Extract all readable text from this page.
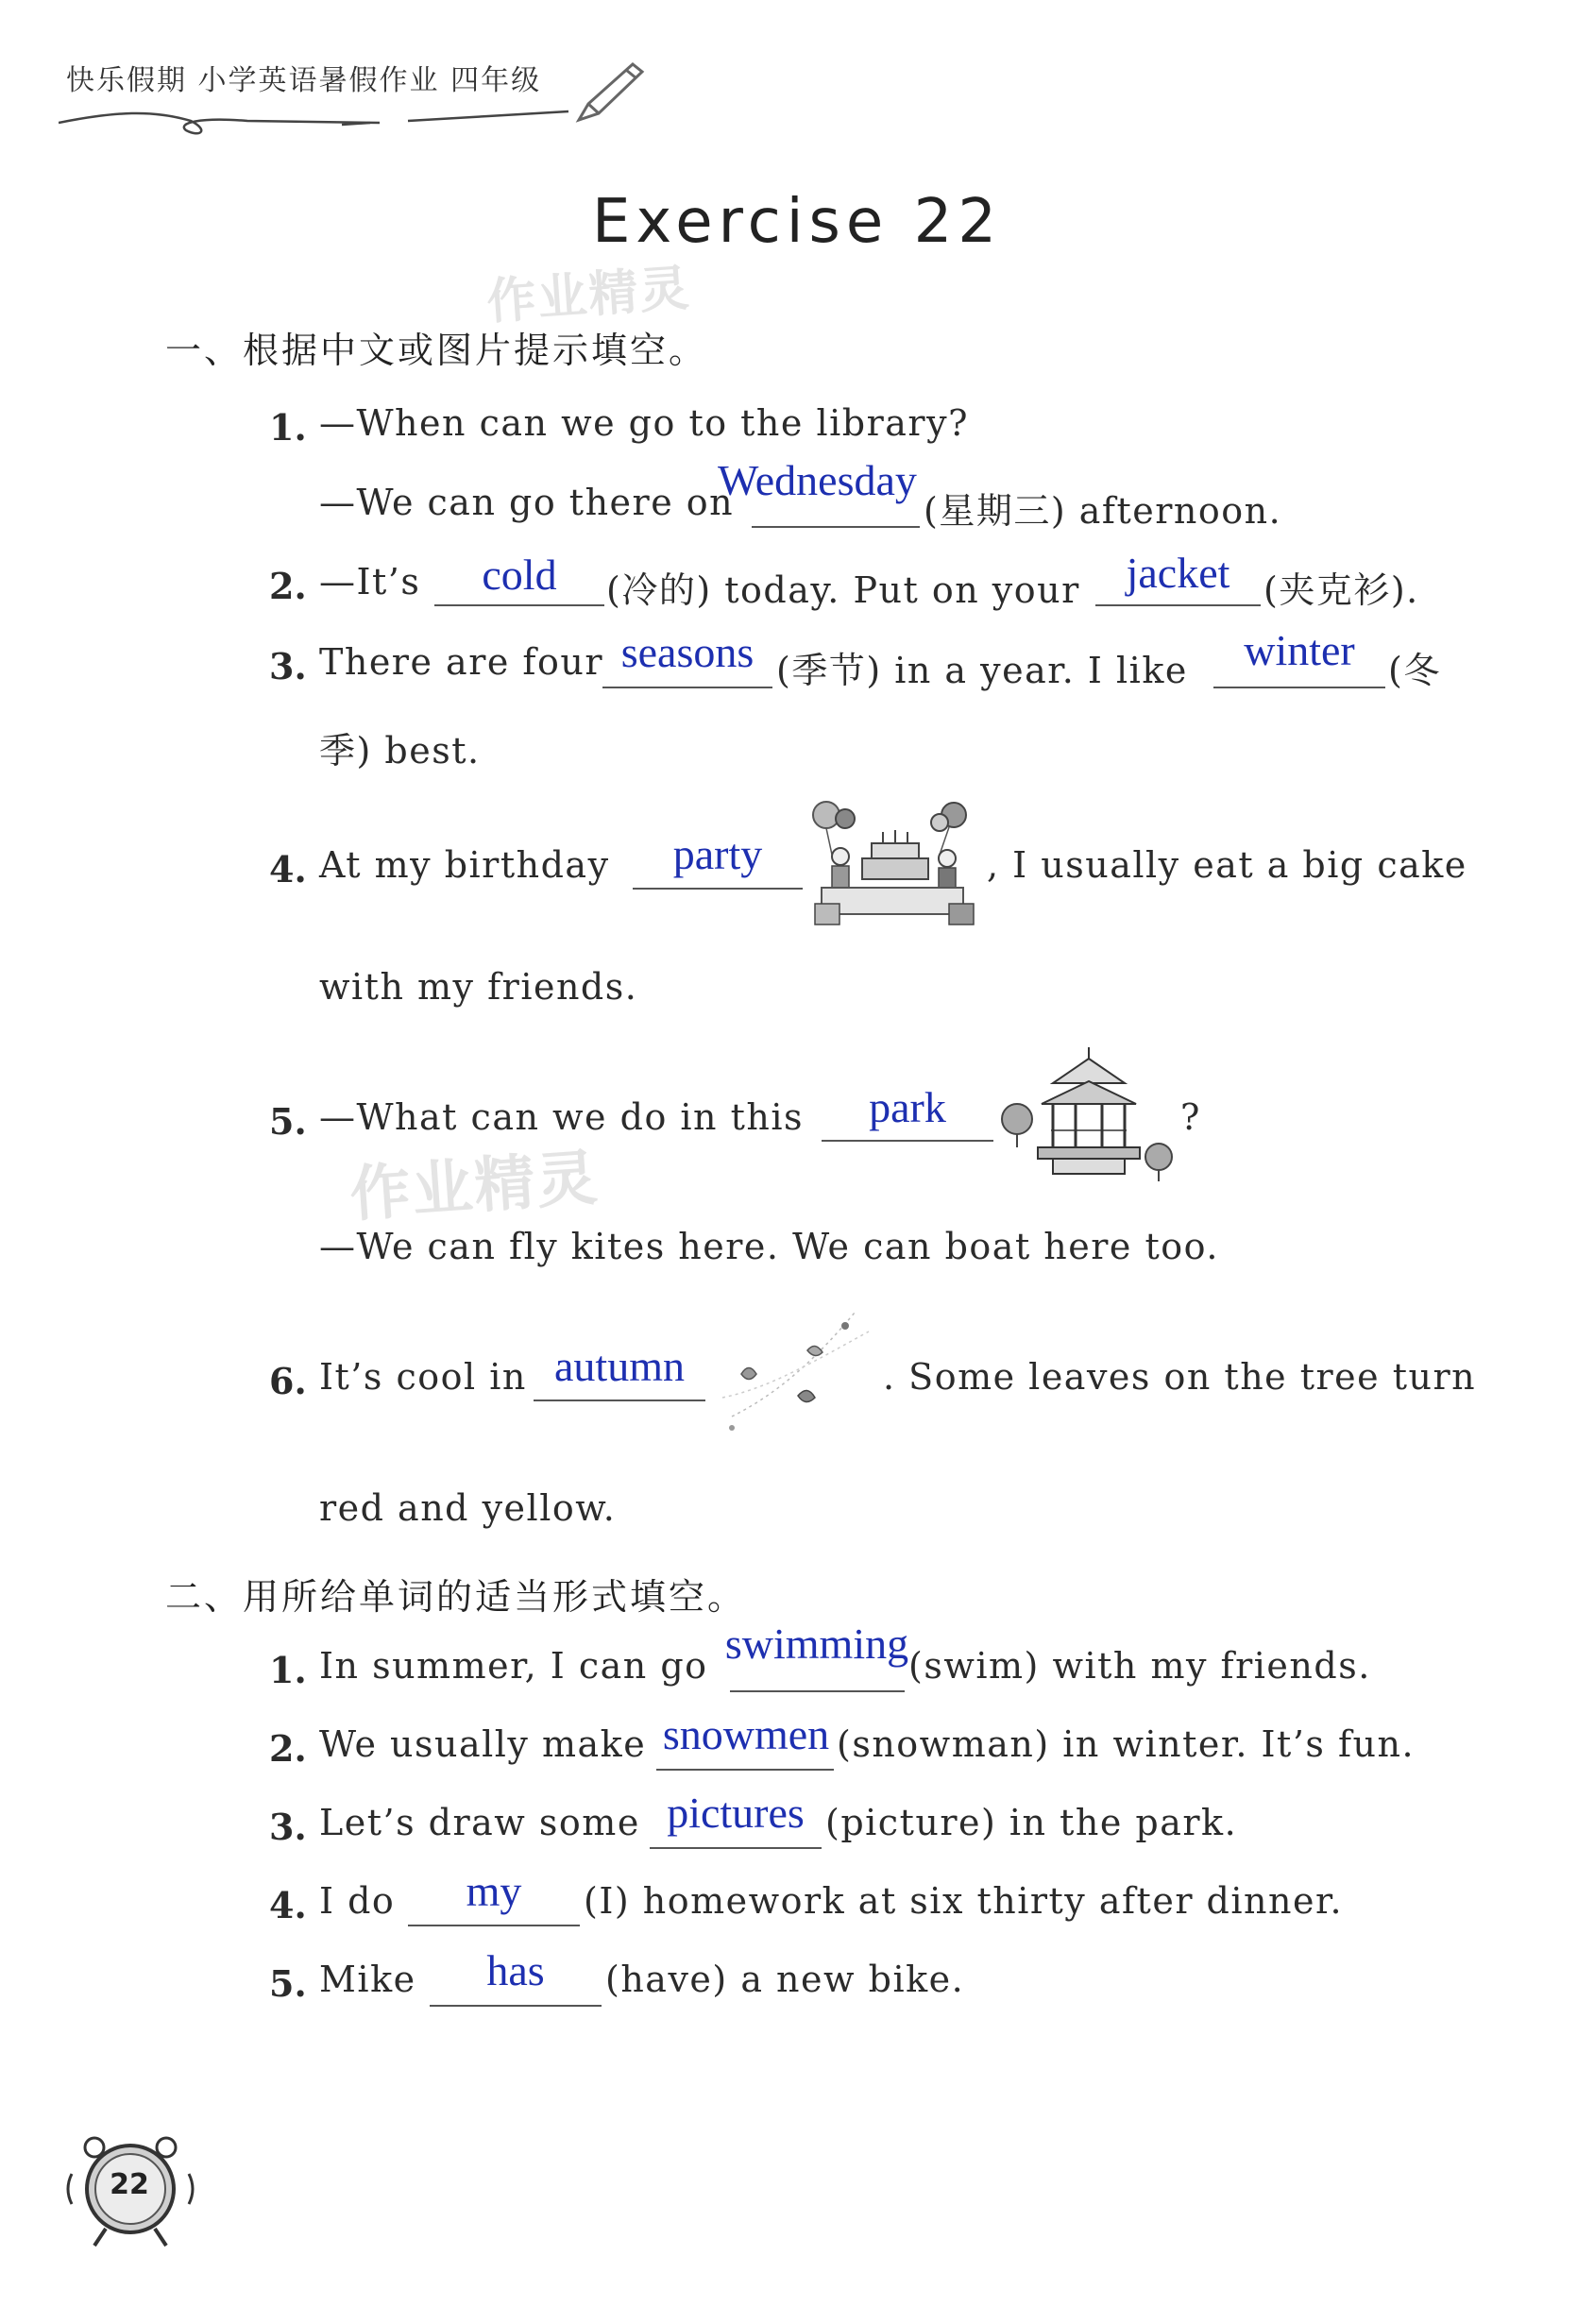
快乐假期 小学英语暑假作业 四年级
Exercise 22
作业精灵
作业精灵
一、根据中文或图片提示填空。
1. —When can we go to the library?
—We can go there on
Wednesday
(星期三) afternoon.
2. —It’s	cold	(冷的) today. Put on your	jacket (夹克衫).
3. There are four seasons (季节) in a year. I like	winter (冬
季) best.
4. At my birthday	party	, I usually eat a big cake
with my friends.
5. —What can we do in this	park	?
—We can fly kites here. We can boat here too.
6. It’s cool in autumn	. Some leaves on the tree turn
red and yellow.
二、用所给单词的适当形式填空。
1. In summer, I can go swimming (swim) with my friends.
2. We usually make snowmen (snowman) in winter. It’s fun.
3. Let’s draw some pictures (picture) in the park.
4. I do	my	(I) homework at six thirty after dinner.
5. Mike	has	(have) a new bike.
22
